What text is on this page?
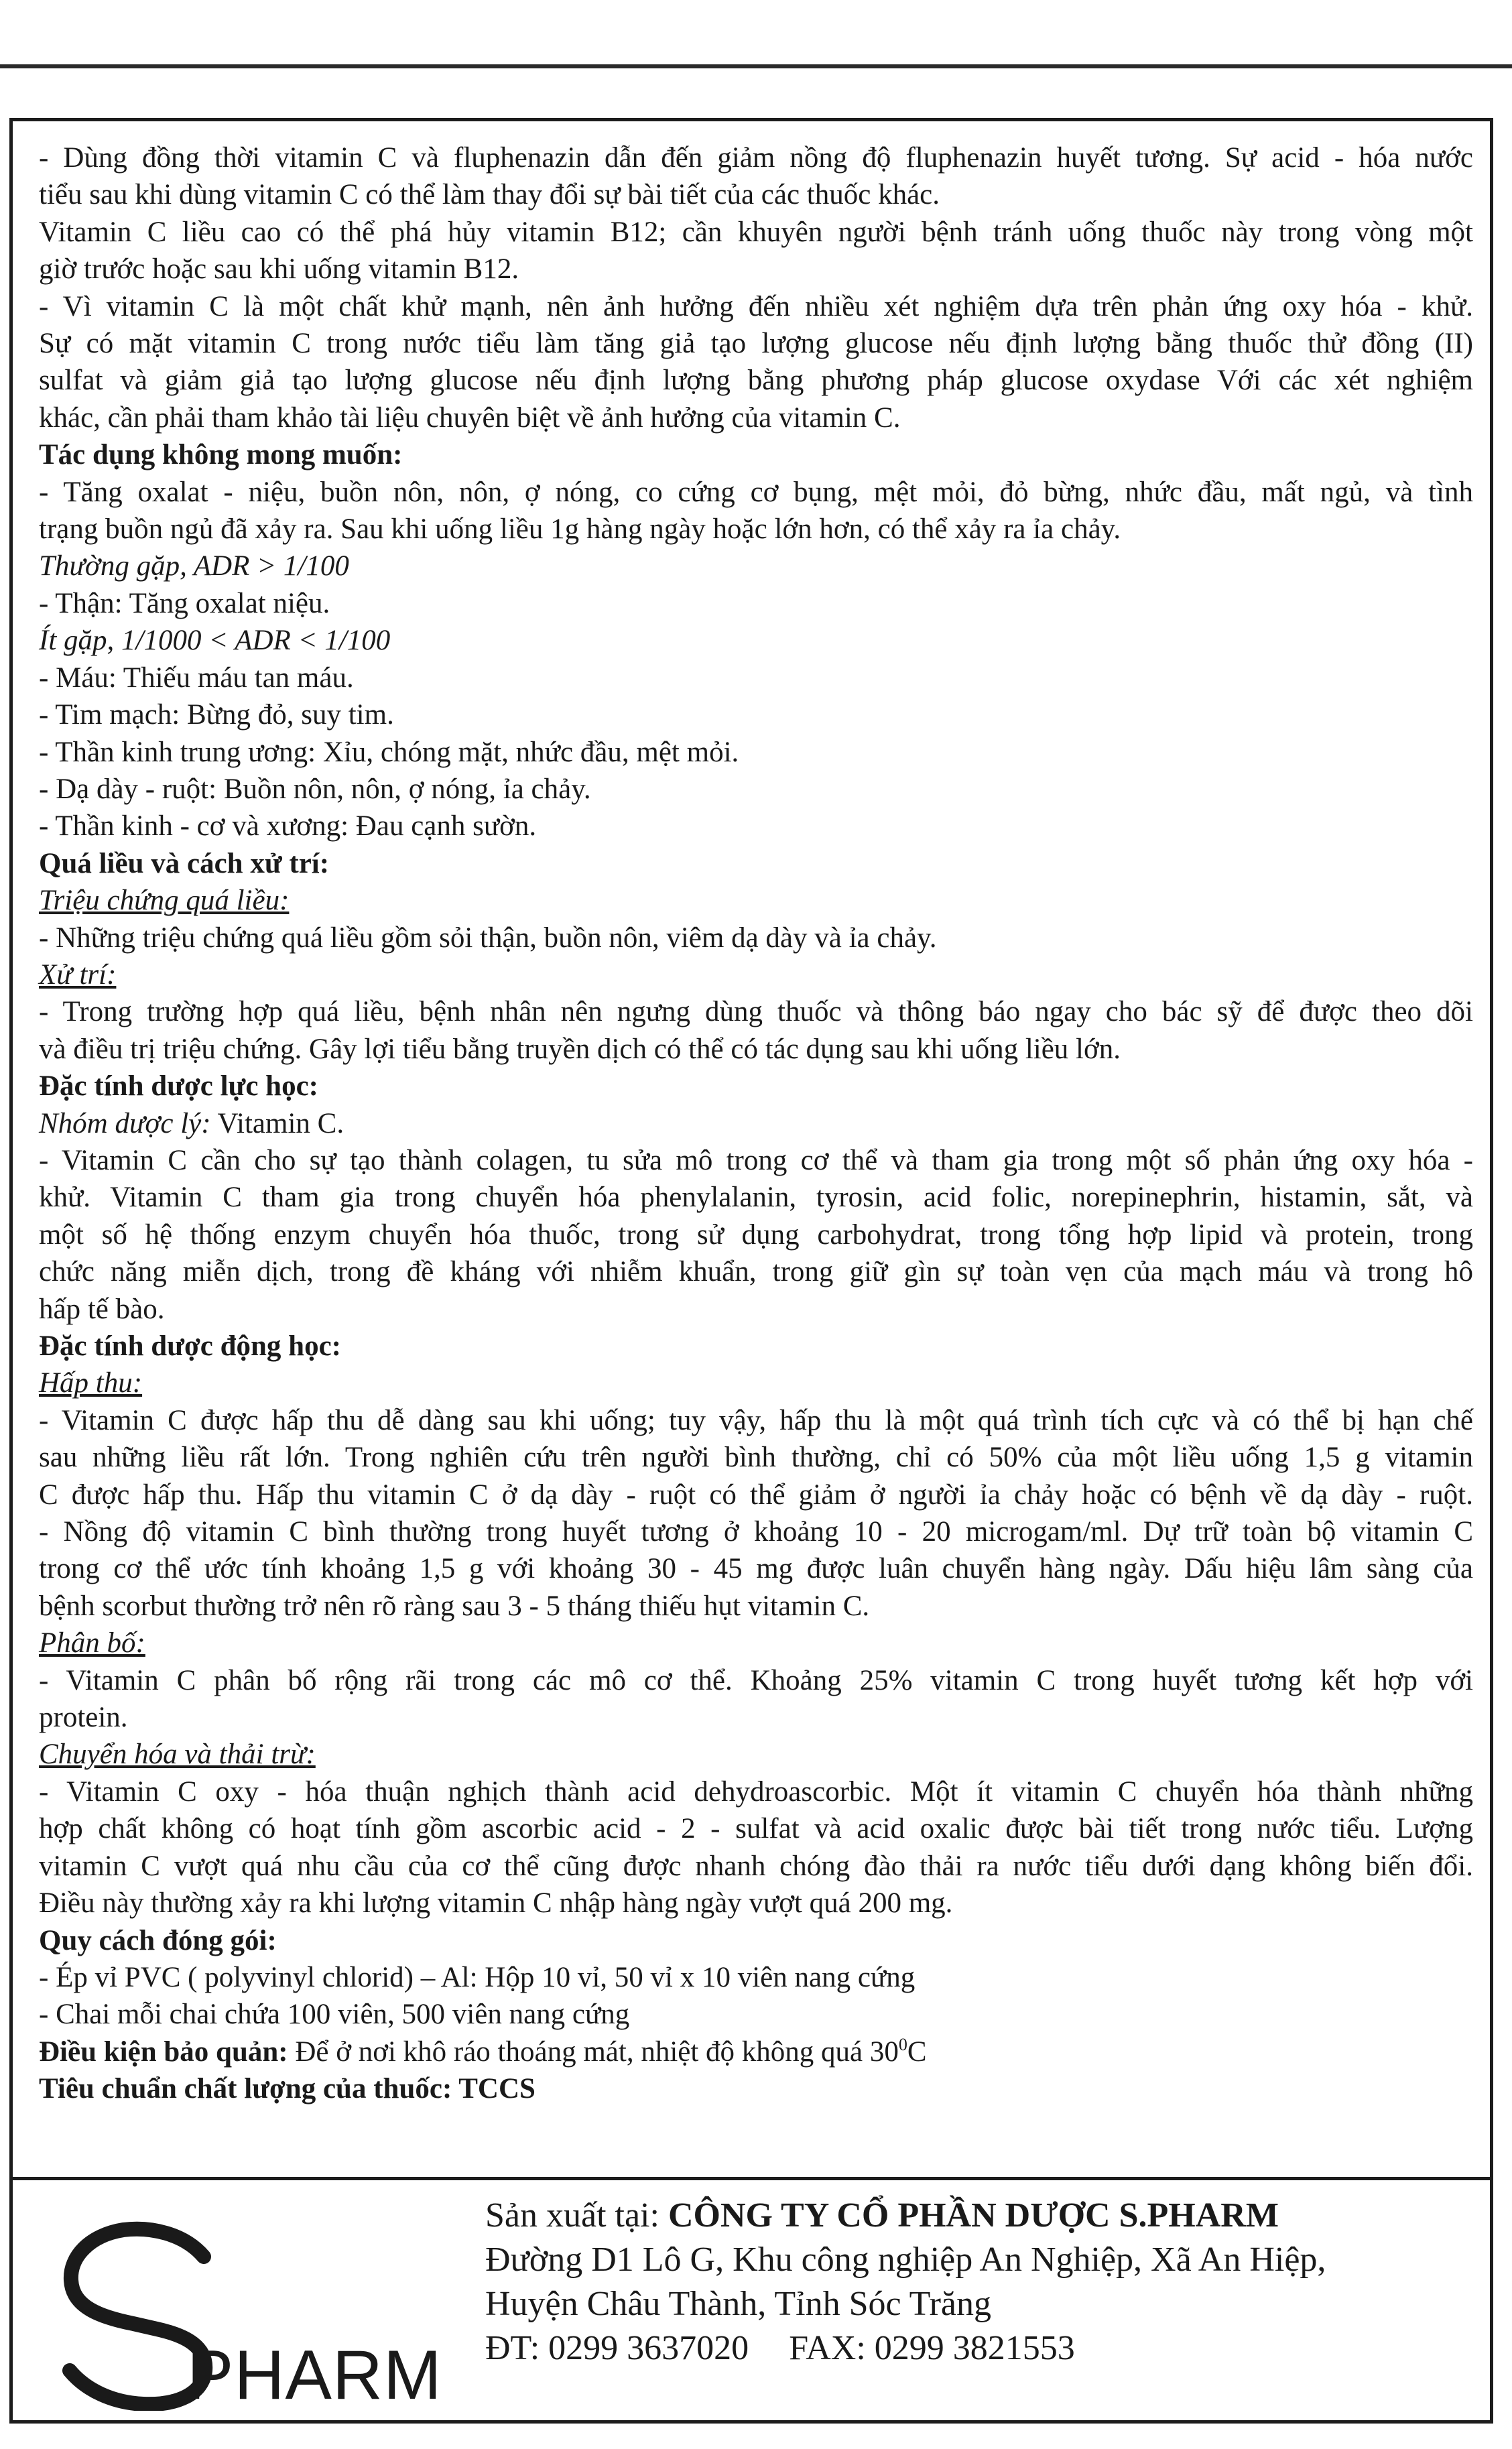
- Dùng đồng thời vitamin C và fluphenazin dẫn đến giảm nồng độ fluphenazin huyết tương. Sự acid - hóa nước
tiểu sau khi dùng vitamin C có thể làm thay đổi sự bài tiết của các thuốc khác.
Vitamin C liều cao có thể phá hủy vitamin B12; cần khuyên người bệnh tránh uống thuốc này trong vòng một
giờ trước hoặc sau khi uống vitamin B12.
- Vì vitamin C là một chất khử mạnh, nên ảnh hưởng đến nhiều xét nghiệm dựa trên phản ứng oxy hóa - khử.
Sự có mặt vitamin C trong nước tiểu làm tăng giả tạo lượng glucose nếu định lượng bằng thuốc thử đồng (II)
sulfat và giảm giả tạo lượng glucose nếu định lượng bằng phương pháp glucose oxydase Với các xét nghiệm
khác, cần phải tham khảo tài liệu chuyên biệt về ảnh hưởng của vitamin C.
Tác dụng không mong muốn:
- Tăng oxalat - niệu, buồn nôn, nôn, ợ nóng, co cứng cơ bụng, mệt mỏi, đỏ bừng, nhức đầu, mất ngủ, và tình
trạng buồn ngủ đã xảy ra. Sau khi uống liều 1g hàng ngày hoặc lớn hơn, có thể xảy ra ỉa chảy.
Thường gặp, ADR > 1/100
- Thận: Tăng oxalat niệu.
Ít gặp, 1/1000 < ADR < 1/100
- Máu: Thiếu máu tan máu.
- Tim mạch: Bừng đỏ, suy tim.
- Thần kinh trung ương: Xỉu, chóng mặt, nhức đầu, mệt mỏi.
- Dạ dày - ruột: Buồn nôn, nôn, ợ nóng, ỉa chảy.
- Thần kinh - cơ và xương: Đau cạnh sườn.
Quá liều và cách xử trí:
Triệu chứng quá liều:
- Những triệu chứng quá liều gồm sỏi thận, buồn nôn, viêm dạ dày và ỉa chảy.
Xử trí:
- Trong trường hợp quá liều, bệnh nhân nên ngưng dùng thuốc và thông báo ngay cho bác sỹ để được theo dõi
và điều trị triệu chứng. Gây lợi tiểu bằng truyền dịch có thể có tác dụng sau khi uống liều lớn.
Đặc tính dược lực học:
Nhóm dược lý: Vitamin C.
- Vitamin C cần cho sự tạo thành colagen, tu sửa mô trong cơ thể và tham gia trong một số phản ứng oxy hóa -
khử. Vitamin C tham gia trong chuyển hóa phenylalanin, tyrosin, acid folic, norepinephrin, histamin, sắt, và
một số hệ thống enzym chuyển hóa thuốc, trong sử dụng carbohydrat, trong tổng hợp lipid và protein, trong
chức năng miễn dịch, trong đề kháng với nhiễm khuẩn, trong giữ gìn sự toàn vẹn của mạch máu và trong hô
hấp tế bào.
Đặc tính dược động học:
Hấp thu:
- Vitamin C được hấp thu dễ dàng sau khi uống; tuy vậy, hấp thu là một quá trình tích cực và có thể bị hạn chế
sau những liều rất lớn. Trong nghiên cứu trên người bình thường, chỉ có 50% của một liều uống 1,5 g vitamin
C được hấp thu. Hấp thu vitamin C ở dạ dày - ruột có thể giảm ở người ỉa chảy hoặc có bệnh về dạ dày - ruột.
- Nồng độ vitamin C bình thường trong huyết tương ở khoảng 10 - 20 microgam/ml. Dự trữ toàn bộ vitamin C
trong cơ thể ước tính khoảng 1,5 g với khoảng 30 - 45 mg được luân chuyển hàng ngày. Dấu hiệu lâm sàng của
bệnh scorbut thường trở nên rõ ràng sau 3 - 5 tháng thiếu hụt vitamin C.
Phân bố:
- Vitamin C phân bố rộng rãi trong các mô cơ thể. Khoảng 25% vitamin C trong huyết tương kết hợp với
protein.
Chuyển hóa và thải trừ:
- Vitamin C oxy - hóa thuận nghịch thành acid dehydroascorbic. Một ít vitamin C chuyển hóa thành những
hợp chất không có hoạt tính gồm ascorbic acid - 2 - sulfat và acid oxalic được bài tiết trong nước tiểu. Lượng
vitamin C vượt quá nhu cầu của cơ thể cũng được nhanh chóng đào thải ra nước tiểu dưới dạng không biến đổi.
Điều này thường xảy ra khi lượng vitamin C nhập hàng ngày vượt quá 200 mg.
Quy cách đóng gói:
- Ép vỉ PVC ( polyvinyl chlorid) – Al: Hộp 10 vỉ, 50 vỉ x 10 viên nang cứng
- Chai mỗi chai chứa 100 viên, 500 viên nang cứng
Điều kiện bảo quản: Để ở nơi khô ráo thoáng mát, nhiệt độ không quá $30^0C$
Tiêu chuẩn chất lượng của thuốc: TCCS
PHARM
Sản xuất tại: CÔNG TY CỔ PHẦN DƯỢC S.PHARM
Đường D1 Lô G, Khu công nghiệp An Nghiệp, Xã An Hiệp,
Huyện Châu Thành, Tỉnh Sóc Trăng
ĐT: 0299 3637020 FAX: 0299 3821553
